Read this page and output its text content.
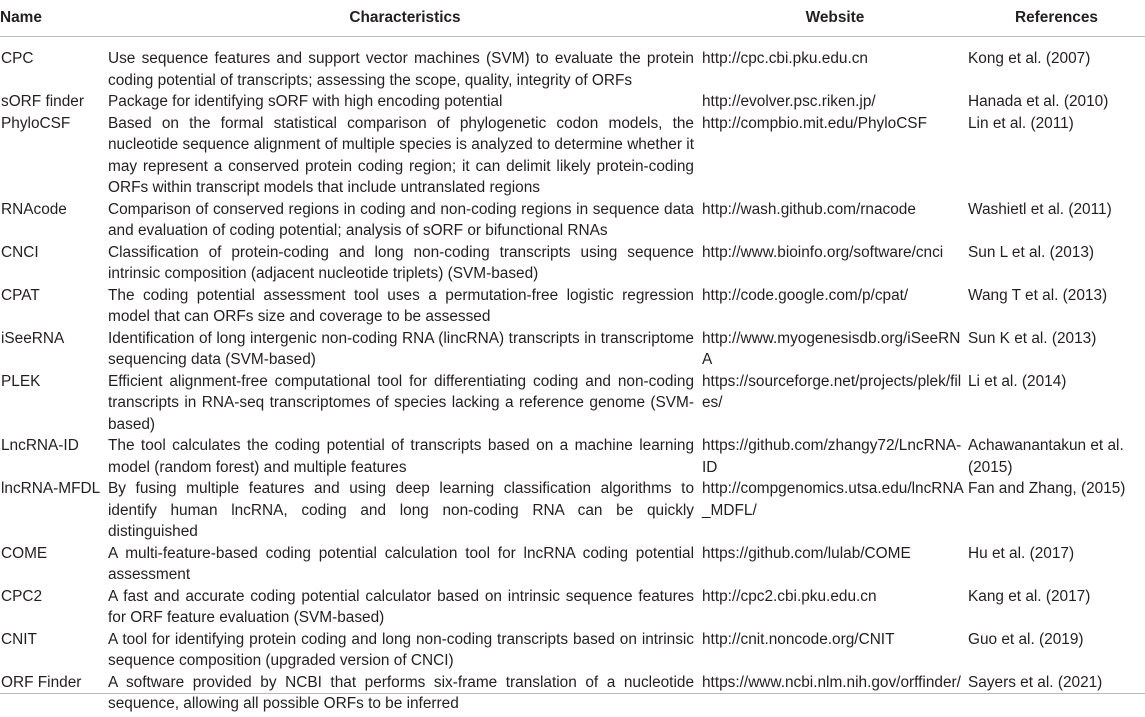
Name	Characteristics	Website	References
CPC	Use sequence features and support vector machines (SVM) to evaluate the protein coding potential of transcripts; assessing the scope, quality, integrity of ORFs	http://cpc.cbi.pku.edu.cn	Kong et al. (2007)
sORF finder	Package for identifying sORF with high encoding potential	http://evolver.psc.riken.jp/	Hanada et al. (2010)
PhyloCSF	Based on the formal statistical comparison of phylogenetic codon models, the nucleotide sequence alignment of multiple species is analyzed to determine whether it may represent a conserved protein coding region; it can delimit likely protein-coding ORFs within transcript models that include untranslated regions	http://compbio.mit.edu/PhyloCSF	Lin et al. (2011)
RNAcode	Comparison of conserved regions in coding and non-coding regions in sequence data and evaluation of coding potential; analysis of sORF or bifunctional RNAs	http://wash.github.com/rnacode	Washietl et al. (2011)
CNCI	Classification of protein-coding and long non-coding transcripts using sequence intrinsic composition (adjacent nucleotide triplets) (SVM-based)	http://www.bioinfo.org/software/cnci	Sun L et al. (2013)
CPAT	The coding potential assessment tool uses a permutation-free logistic regression model that can ORFs size and coverage to be assessed	http://code.google.com/p/cpat/	Wang T et al. (2013)
iSeeRNA	Identification of long intergenic non-coding RNA (lincRNA) transcripts in transcriptome sequencing data (SVM-based)	http://www.myogenesisdb.org/iSeeRNA	Sun K et al. (2013)
PLEK	Efficient alignment-free computational tool for differentiating coding and non-coding transcripts in RNA-seq transcriptomes of species lacking a reference genome (SVM-based)	https://sourceforge.net/projects/plek/files/	Li et al. (2014)
LncRNA-ID	The tool calculates the coding potential of transcripts based on a machine learning model (random forest) and multiple features	https://github.com/zhangy72/LncRNA-ID	Achawanantakun et al. (2015)
lncRNA-MFDL	By fusing multiple features and using deep learning classification algorithms to identify human lncRNA, coding and long non-coding RNA can be quickly distinguished	http://compgenomics.utsa.edu/lncRNA_MDFL/	Fan and Zhang, (2015)
COME	A multi-feature-based coding potential calculation tool for lncRNA coding potential assessment	https://github.com/lulab/COME	Hu et al. (2017)
CPC2	A fast and accurate coding potential calculator based on intrinsic sequence features for ORF feature evaluation (SVM-based)	http://cpc2.cbi.pku.edu.cn	Kang et al. (2017)
CNIT	A tool for identifying protein coding and long non-coding transcripts based on intrinsic sequence composition (upgraded version of CNCI)	http://cnit.noncode.org/CNIT	Guo et al. (2019)
ORF Finder	A software provided by NCBI that performs six-frame translation of a nucleotide sequence, allowing all possible ORFs to be inferred	https://www.ncbi.nlm.nih.gov/orffinder/	Sayers et al. (2021)
